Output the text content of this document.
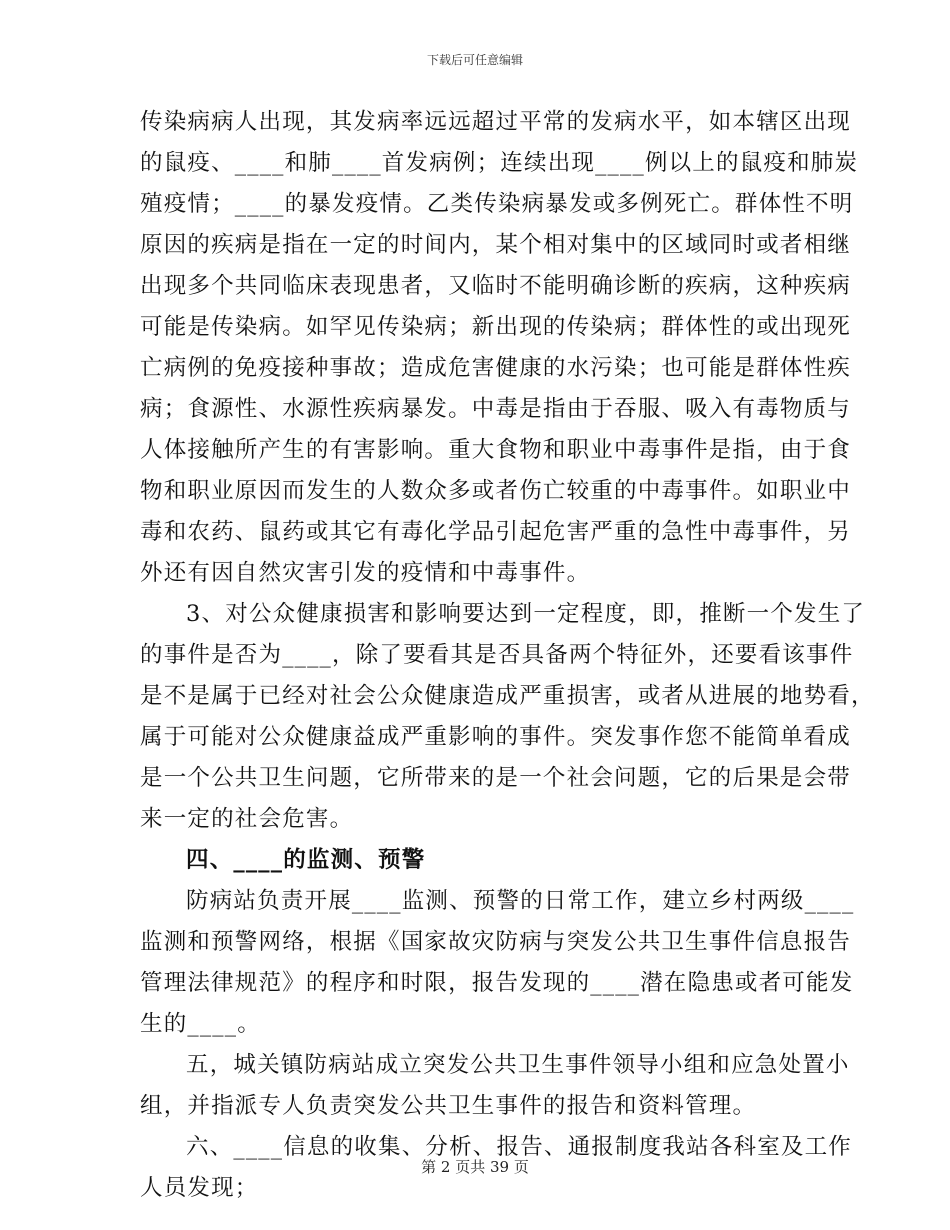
下载后可任意编辑
传染病病人出现，其发病率远远超过平常的发病水平，如本辖区出现
的鼠疫、____和肺____首发病例；连续出现____例以上的鼠疫和肺炭
殖疫情；____的暴发疫情。乙类传染病暴发或多例死亡。群体性不明
原因的疾病是指在一定的时间内，某个相对集中的区域同时或者相继
出现多个共同临床表现患者，又临时不能明确诊断的疾病，这种疾病
可能是传染病。如罕见传染病；新出现的传染病；群体性的或出现死
亡病例的免疫接种事故；造成危害健康的水污染；也可能是群体性疾
病；食源性、水源性疾病暴发。中毒是指由于吞服、吸入有毒物质与
人体接触所产生的有害影响。重大食物和职业中毒事件是指，由于食
物和职业原因而发生的人数众多或者伤亡较重的中毒事件。如职业中
毒和农药、鼠药或其它有毒化学品引起危害严重的急性中毒事件，另
外还有因自然灾害引发的疫情和中毒事件。
3、对公众健康损害和影响要达到一定程度，即，推断一个发生了
的事件是否为____，除了要看其是否具备两个特征外，还要看该事件
是不是属于已经对社会公众健康造成严重损害，或者从进展的地势看，
属于可能对公众健康益成严重影响的事件。突发事作您不能简单看成
是一个公共卫生问题，它所带来的是一个社会问题，它的后果是会带
来一定的社会危害。
四、____的监测、预警
防病站负责开展____监测、预警的日常工作，建立乡村两级____
监测和预警网络，根据《国家故灾防病与突发公共卫生事件信息报告
管理法律规范》的程序和时限，报告发现的____潜在隐患或者可能发
生的____。
五，城关镇防病站成立突发公共卫生事件领导小组和应急处置小
组，并指派专人负责突发公共卫生事件的报告和资料管理。
六、____信息的收集、分析、报告、通报制度我站各科室及工作
人员发现；
第 2 页共 39 页
